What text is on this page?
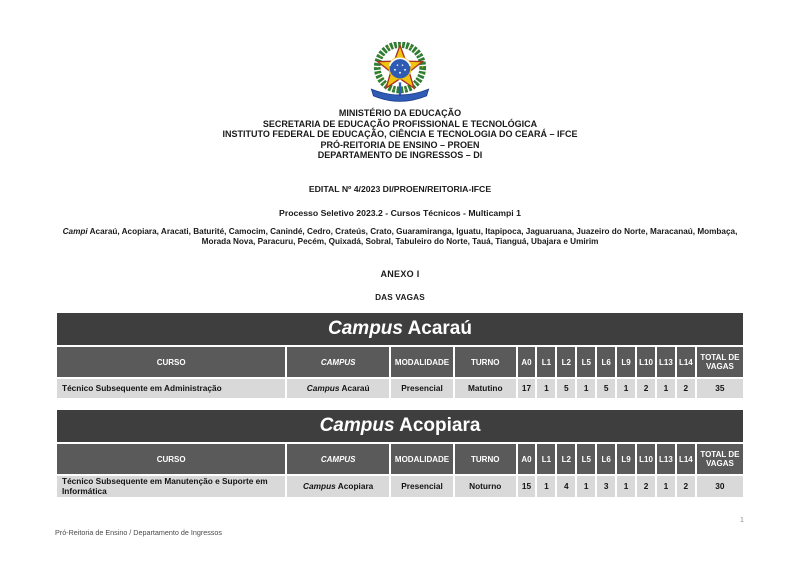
MINISTÉRIO DA EDUCAÇÃO
SECRETARIA DE EDUCAÇÃO PROFISSIONAL E TECNOLÓGICA
INSTITUTO FEDERAL DE EDUCAÇÃO, CIÊNCIA E TECNOLOGIA DO CEARÁ – IFCE
PRÓ-REITORIA DE ENSINO – PROEN
DEPARTAMENTO DE INGRESSOS – DI
EDITAL Nº 4/2023 DI/PROEN/REITORIA-IFCE
Processo Seletivo 2023.2 - Cursos Técnicos - Multicampi 1
Campi Acaraú, Acopiara, Aracati, Baturité, Camocim, Canindé, Cedro, Crateús, Crato, Guaramiranga, Iguatu, Itapipoca, Jaguaruana, Juazeiro do Norte, Maracanaú, Mombaça, Morada Nova, Paracuru, Pecém, Quixadá, Sobral, Tabuleiro do Norte, Tauá, Tianguá, Ubajara e Umirim
ANEXO I
DAS VAGAS
Campus Acaraú													
CURSO	CAMPUS	MODALIDADE	TURNO	A0	L1	L2	L5	L6	L9	L10	L13	L14	TOTAL DE VAGAS
Técnico Subsequente em Administração	Campus Acaraú	Presencial	Matutino	17	1	5	1	5	1	2	1	2	35
Campus Acopiara													
CURSO	CAMPUS	MODALIDADE	TURNO	A0	L1	L2	L5	L6	L9	L10	L13	L14	TOTAL DE VAGAS
Técnico Subsequente em Manutenção e Suporte em Informática	Campus Acopiara	Presencial	Noturno	15	1	4	1	3	1	2	1	2	30
1
Pró-Reitoria de Ensino / Departamento de Ingressos
